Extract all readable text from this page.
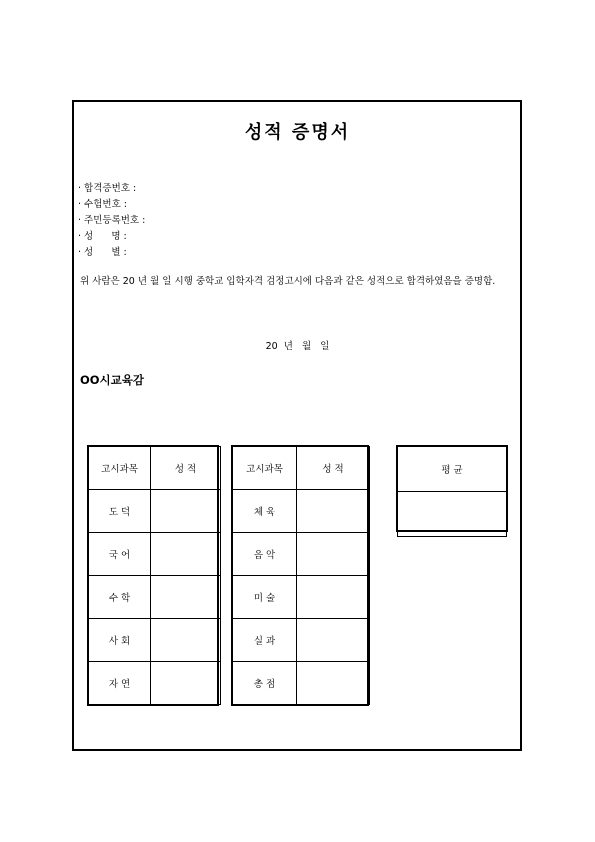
성적 증명서
· 합격증번호 :
· 수험번호 :
· 주민등록번호 :
· 성      명 :
· 성      별 :
위 사람은 20 년 월 일 시행 중학교 입학자격 검정고시에 다음과 같은 성적으로 합격하였음을 증명함.
20  년   월   일
OO시교육감
고시과목	성 적
도 덕	
국 어	
수 학	
사 회	
자 연	
고시과목	성 적
체 육	
음 악	
미 술	
실 과	
총 점	
평 균
